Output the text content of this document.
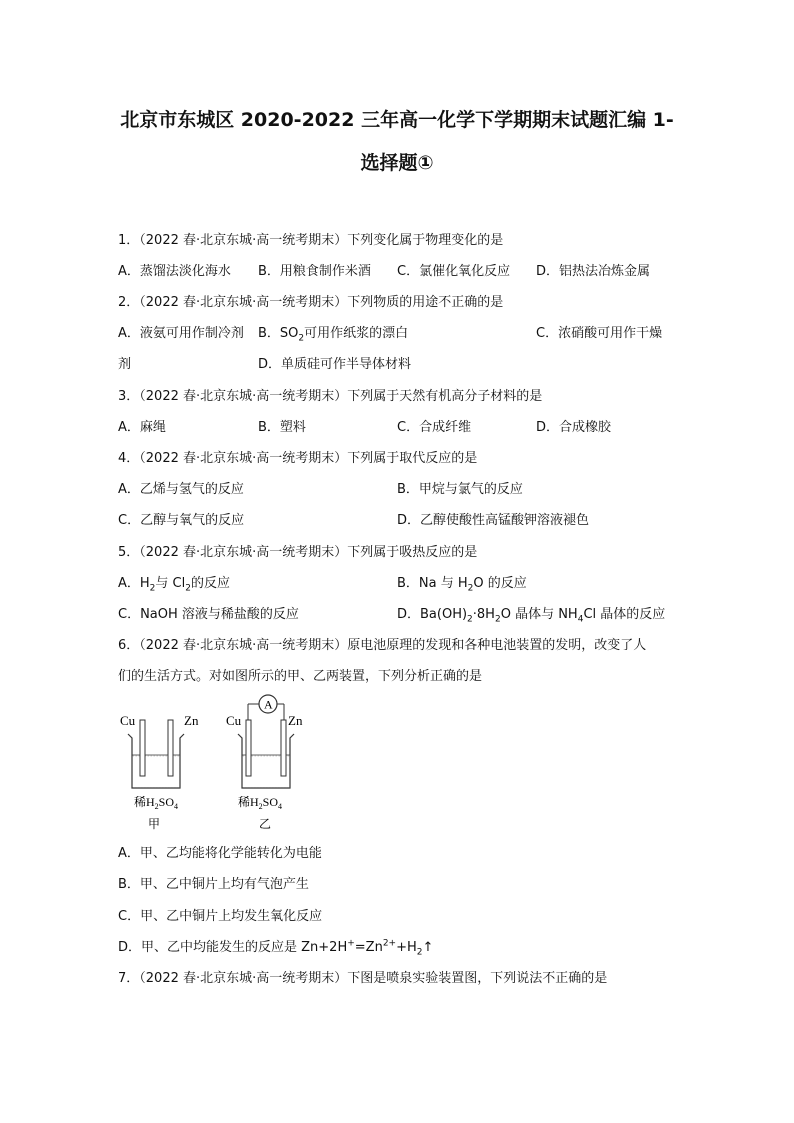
北京市东城区 2020-2022 三年高一化学下学期期末试题汇编 1-
选择题①
1．（2022 春·北京东城·高一统考期末）下列变化属于物理变化的是
A．蒸馏法淡化海水 B．用粮食制作米酒 C．氯催化氧化反应 D．铝热法冶炼金属
2．（2022 春·北京东城·高一统考期末）下列物质的用途不正确的是
A．液氨可用作制冷剂 B．$SO_2$可用作纸浆的漂白	C．浓硝酸可用作干燥
剂	D．单质硅可作半导体材料
3．（2022 春·北京东城·高一统考期末）下列属于天然有机高分子材料的是
A．麻绳	B．塑料	C．合成纤维	D．合成橡胶
4．（2022 春·北京东城·高一统考期末）下列属于取代反应的是
A．乙烯与氢气的反应	B．甲烷与氯气的反应
C．乙醇与氧气的反应	D．乙醇使酸性高锰酸钾溶液褪色
5．（2022 春·北京东城·高一统考期末）下列属于吸热反应的是
A．$H_2$与 $Cl_2$的反应	B．Na 与 $H_2O$ 的反应
C．NaOH 溶液与稀盐酸的反应	D．$Ba(OH)_2\cdot 8H_2O$ 晶体与 $NH_4Cl$ 晶体的反应
6．（2022 春·北京东城·高一统考期末）原电池原理的发现和各种电池装置的发明，改变了人
们的生活方式。对如图所示的甲、乙两装置，下列分析正确的是
Cu	Zn
稀$H_2SO_4$
甲
Cu	Zn
A
稀$H_2SO_4$
乙
A．甲、乙均能将化学能转化为电能
B．甲、乙中铜片上均有气泡产生
C．甲、乙中铜片上均发生氧化反应
D．甲、乙中均能发生的反应是 $Zn+2H^+=Zn^{2+}+H_2↑$
7．（2022 春·北京东城·高一统考期末）下图是喷泉实验装置图，下列说法不正确的是
